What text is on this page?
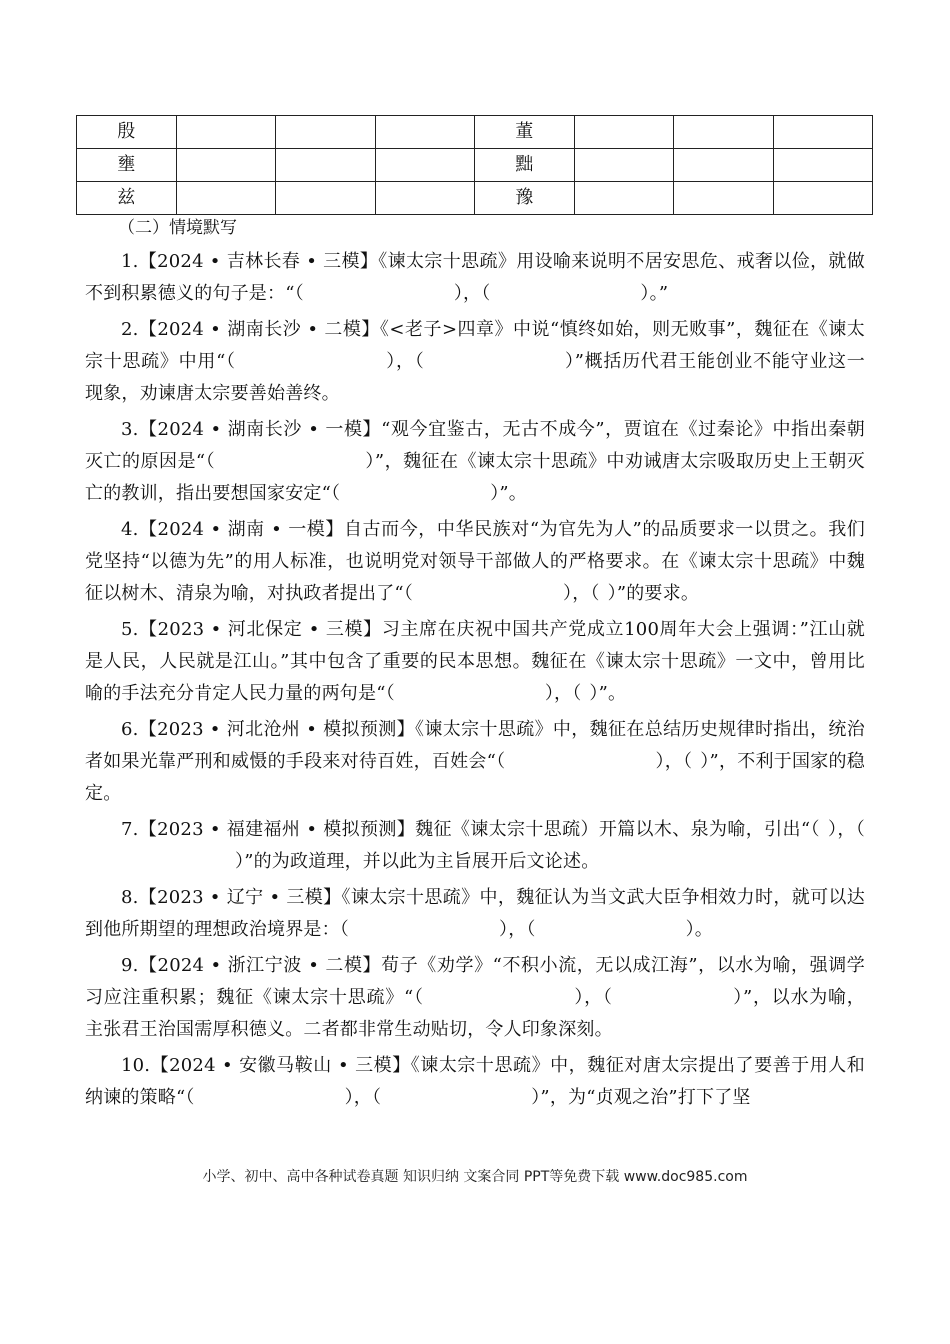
殷				董			
壅				黜			
兹				豫			
（二）情境默写

1.【2024 • 吉林长春 • 三模】《谏太宗十思疏》用设喻来说明不居安思危、戒奢以俭，就做不到积累德义的句子是：“（	），（	）。”

2.【2024 • 湖南长沙 • 二模】《<老子>四章》中说“慎终如始，则无败事”，魏征在《谏太宗十思疏》中用“（	），（	）”概括历代君王能创业不能守业这一现象，劝谏唐太宗要善始善终。

3.【2024 • 湖南长沙 • 一模】“观今宜鉴古，无古不成今”，贾谊在《过秦论》中指出秦朝灭亡的原因是“（	）”，魏征在《谏太宗十思疏》中劝诫唐太宗吸取历史上王朝灭亡的教训，指出要想国家安定“（	）”。

4.【2024 • 湖南 • 一模】自古而今，中华民族对“为官先为人”的品质要求一以贯之。我们党坚持“以德为先”的用人标准，也说明党对领导干部做人的严格要求。在《谏太宗十思疏》中魏征以树木、清泉为喻，对执政者提出了“（	），（ ）”的要求。

5.【2023 • 河北保定 • 三模】习主席在庆祝中国共产党成立100周年大会上强调：”江山就是人民，人民就是江山。”其中包含了重要的民本思想。魏征在《谏太宗十思疏》一文中，曾用比喻的手法充分肯定人民力量的两句是“（	），（ ）”。

6.【2023 • 河北沧州 • 模拟预测】《谏太宗十思疏》中，魏征在总结历史规律时指出，统治者如果光靠严刑和威慑的手段来对待百姓，百姓会“（	），（ ）”，不利于国家的稳定。

7.【2023 • 福建福州 • 模拟预测】魏征《谏太宗十思疏）开篇以木、泉为喻，引出“（ ），（）”的为政道理，并以此为主旨展开后文论述。

8.【2023 • 辽宁 • 三模】《谏太宗十思疏》中，魏征认为当文武大臣争相效力时，就可以达到他所期望的理想政治境界是：（	），（	）。

9.【2024 • 浙江宁波 • 二模】荀子《劝学》“不积小流，无以成江海”，以水为喻，强调学习应注重积累；魏征《谏太宗十思疏》“（	），（	）”，以水为喻，主张君王治国需厚积德义。二者都非常生动贴切，令人印象深刻。

10.【2024 • 安徽马鞍山 • 三模】《谏太宗十思疏》中，魏征对唐太宗提出了要善于用人和纳谏的策略“（	），（	）”，为“贞观之治”打下了坚

小学、初中、高中各种试卷真题 知识归纳 文案合同 PPT等免费下载 www.doc985.com
